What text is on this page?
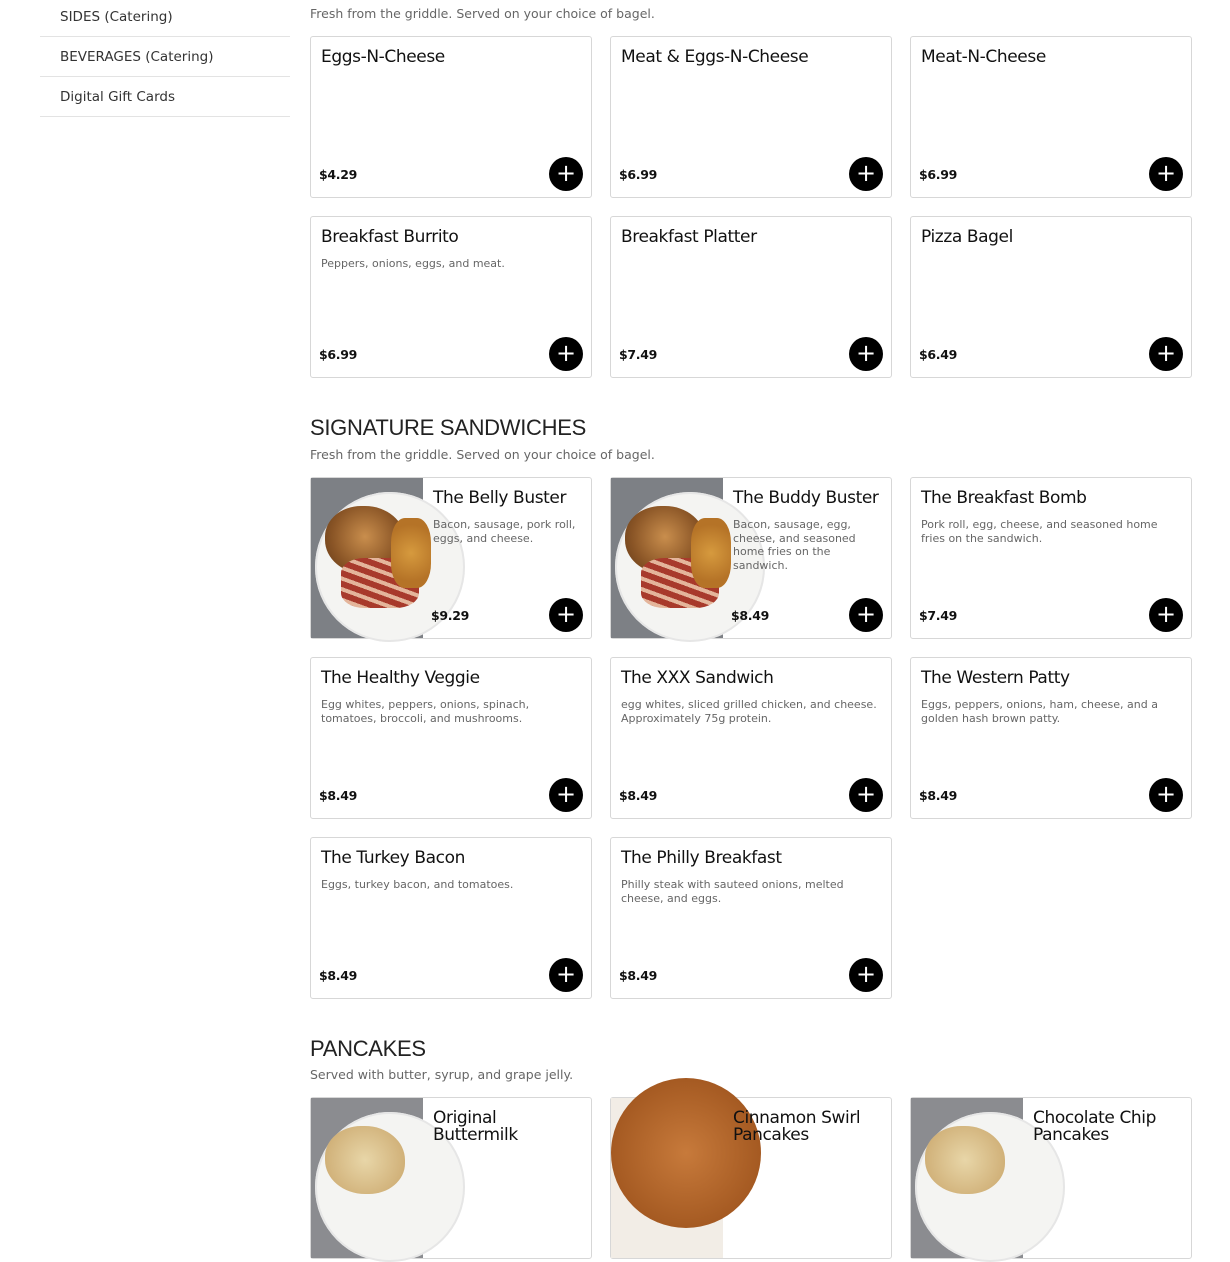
SIDES (Catering)
BEVERAGES (Catering)
Digital Gift Cards
Fresh from the griddle. Served on your choice of bagel.
Eggs-N-Cheese
$4.29	+
Meat & Eggs-N-Cheese
$6.99	+
Meat-N-Cheese
$6.99	+
Breakfast Burrito
Peppers, onions, eggs, and meat.
$6.99	+
Breakfast Platter
$7.49	+
Pizza Bagel
$6.49	+
SIGNATURE SANDWICHES
Fresh from the griddle. Served on your choice of bagel.
The Belly Buster
Bacon, sausage, pork roll, eggs, and cheese.
$9.29	+
The Buddy Buster
Bacon, sausage, egg, cheese, and seasoned home fries on the sandwich.
$8.49	+
The Breakfast Bomb
Pork roll, egg, cheese, and seasoned home fries on the sandwich.
$7.49	+
The Healthy Veggie
Egg whites, peppers, onions, spinach, tomatoes, broccoli, and mushrooms.
$8.49	+
The XXX Sandwich
egg whites, sliced grilled chicken, and cheese. Approximately 75g protein.
$8.49	+
The Western Patty
Eggs, peppers, onions, ham, cheese, and a golden hash brown patty.
$8.49	+
The Turkey Bacon
Eggs, turkey bacon, and tomatoes.
$8.49	+
The Philly Breakfast
Philly steak with sauteed onions, melted cheese, and eggs.
$8.49	+
PANCAKES
Served with butter, syrup, and grape jelly.
Original Buttermilk
Cinnamon Swirl Pancakes
Chocolate Chip Pancakes
